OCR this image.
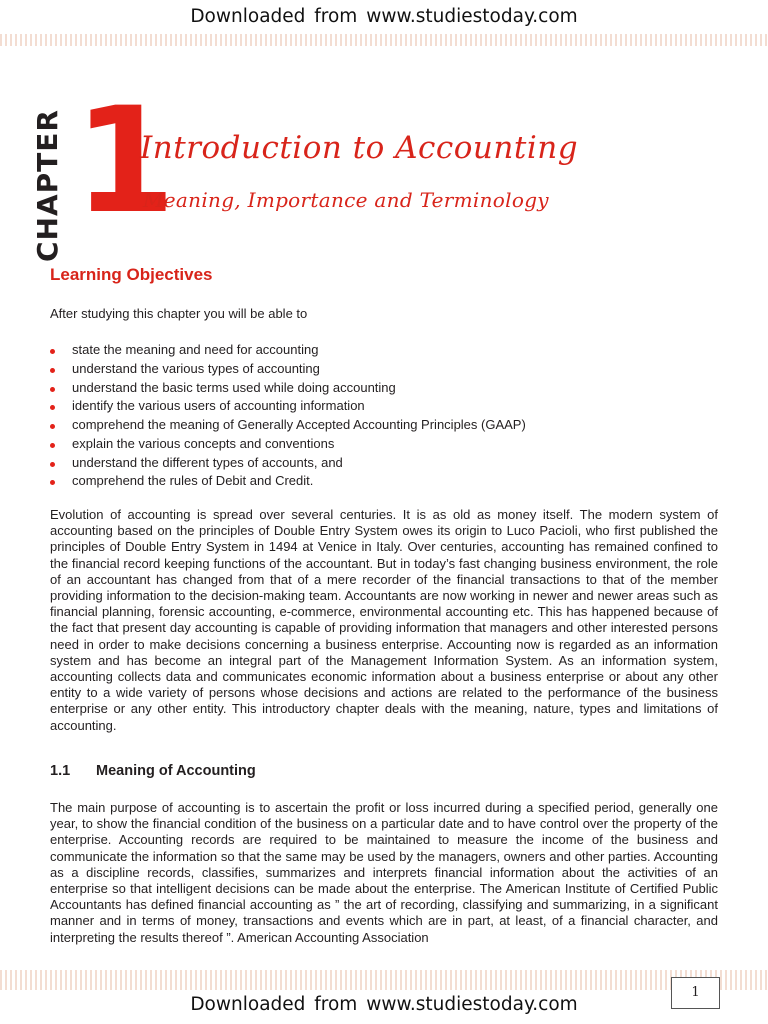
Downloaded from www.studiestoday.com
CHAPTER 1
Introduction to Accounting
Meaning, Importance and Terminology
Learning Objectives
After studying this chapter you will be able to
state the meaning and need for accounting
understand the various types of accounting
understand the basic terms used while doing accounting
identify the various users of accounting information
comprehend the meaning of Generally Accepted Accounting Principles (GAAP)
explain the various concepts and conventions
understand the different types of accounts, and
comprehend the rules of Debit and Credit.

Evolution of accounting is spread over several centuries. It is as old as money itself. The modern system of accounting based on the principles of Double Entry System owes its origin to Luco Pacioli, who first published the principles of Double Entry System in 1494 at Venice in Italy. Over centuries, accounting has remained confined to the financial record keeping functions of the accountant. But in today’s fast changing business environment, the role of an accountant has changed from that of a mere recorder of the financial transactions to that of the member providing information to the decision-making team. Accountants are now working in newer and newer areas such as financial planning, forensic accounting, e-commerce, environmental accounting etc. This has happened because of the fact that present day accounting is capable of providing information that managers and other interested persons need in order to make decisions concerning a business enterprise. Accounting now is regarded as an information system and has become an integral part of the Management Information System. As an information system, accounting collects data and communicates economic information about a business enterprise or about any other entity to a wide variety of persons whose decisions and actions are related to the performance of the business enterprise or any other entity. This introductory chapter deals with the meaning, nature, types and limitations of accounting.

1.1 Meaning of Accounting

The main purpose of accounting is to ascertain the profit or loss incurred during a specified period, generally one year, to show the financial condition of the business on a particular date and to have control over the property of the enterprise. Accounting records are required to be maintained to measure the income of the business and communicate the information so that the same may be used by the managers, owners and other parties. Accounting as a discipline records, classifies, summarizes and interprets financial information about the activities of an enterprise so that intelligent decisions can be made about the enterprise. The American Institute of Certified Public Accountants has defined financial accounting as ” the art of recording, classifying and summarizing, in a significant manner and in terms of money, transactions and events which are in part, at least, of a financial character, and interpreting the results thereof ”. American Accounting Association

Downloaded from www.studiestoday.com
1
